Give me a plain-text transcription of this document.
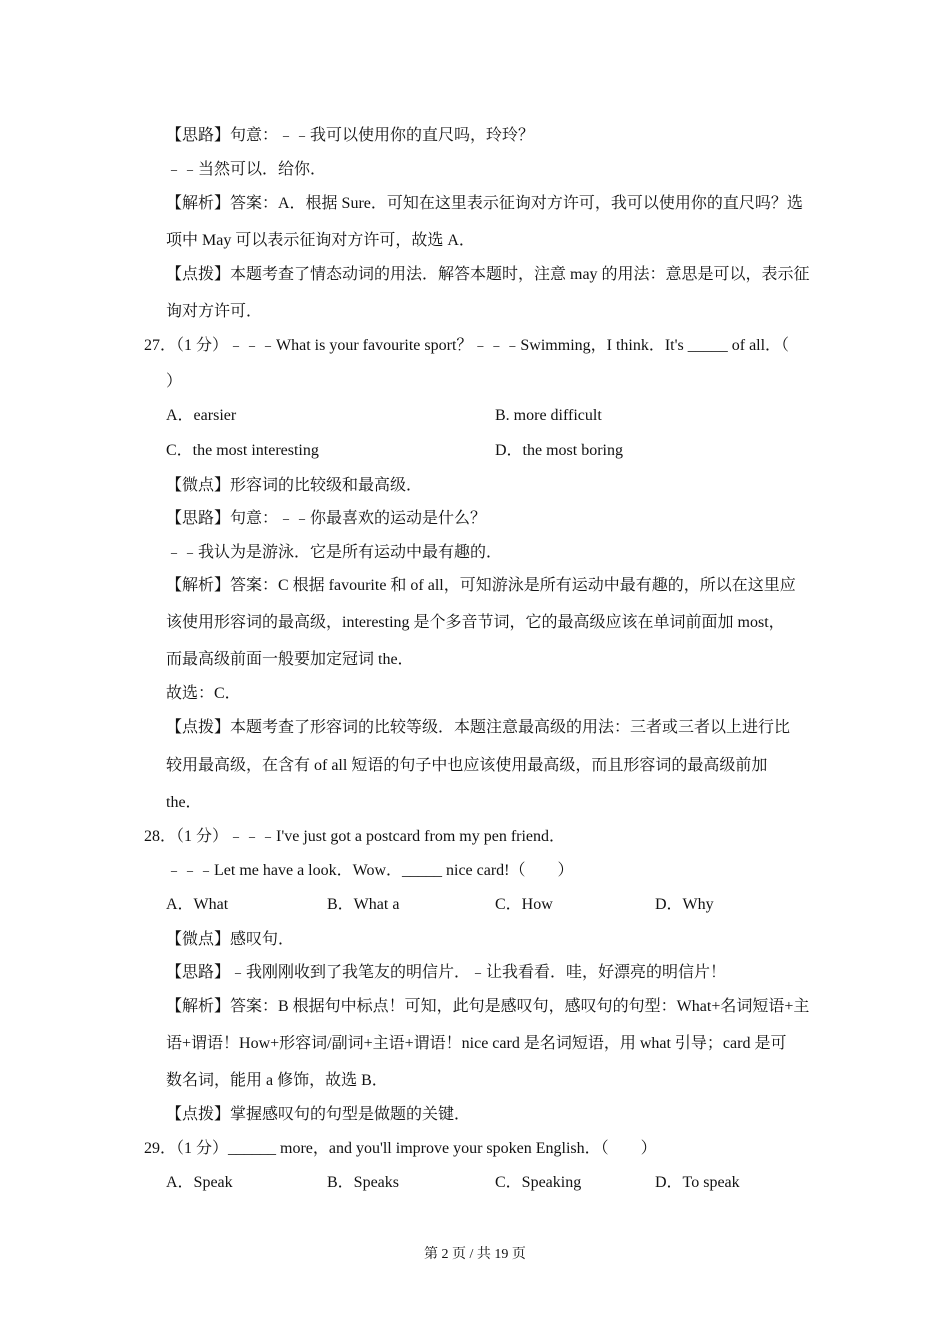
【思路】句意：﹣﹣我可以使用你的直尺吗，玲玲？
﹣﹣当然可以．给你．
【解析】答案：A．根据 Sure．可知在这里表示征询对方许可，我可以使用你的直尺吗？选
项中 May 可以表示征询对方许可，故选 A．
【点拨】本题考查了情态动词的用法．解答本题时，注意 may 的用法：意思是可以，表示征
询对方许可．
27．（1 分）﹣﹣﹣What is your favourite sport？﹣﹣﹣Swimming，I think．It's _____ of all．（
）
A．earsier	B. more difficult
C．the most interesting	D．the most boring
【微点】形容词的比较级和最高级．
【思路】句意：﹣﹣你最喜欢的运动是什么？
﹣﹣我认为是游泳．它是所有运动中最有趣的．
【解析】答案：C 根据 favourite 和 of all，可知游泳是所有运动中最有趣的，所以在这里应
该使用形容词的最高级，interesting 是个多音节词，它的最高级应该在单词前面加 most，
而最高级前面一般要加定冠词 the．
故选：C．
【点拨】本题考查了形容词的比较等级．本题注意最高级的用法：三者或三者以上进行比
较用最高级，在含有 of all 短语的句子中也应该使用最高级，而且形容词的最高级前加
the．
28．（1 分）﹣﹣﹣I've just got a postcard from my pen friend．
﹣﹣﹣Let me have a look．Wow．_____ nice card!（　　）
A．What	B．What a	C．How	D．Why
【微点】感叹句．
【思路】﹣我刚刚收到了我笔友的明信片．﹣让我看看．哇，好漂亮的明信片！
【解析】答案：B 根据句中标点！可知，此句是感叹句，感叹句的句型：What+名词短语+主
语+谓语！How+形容词/副词+主语+谓语！nice card 是名词短语，用 what 引导；card 是可
数名词，能用 a 修饰，故选 B．
【点拨】掌握感叹句的句型是做题的关键．
29．（1 分）______ more，and you'll improve your spoken English．（　　）
A．Speak	B．Speaks	C．Speaking	D．To speak
第 2 页 / 共 19 页
